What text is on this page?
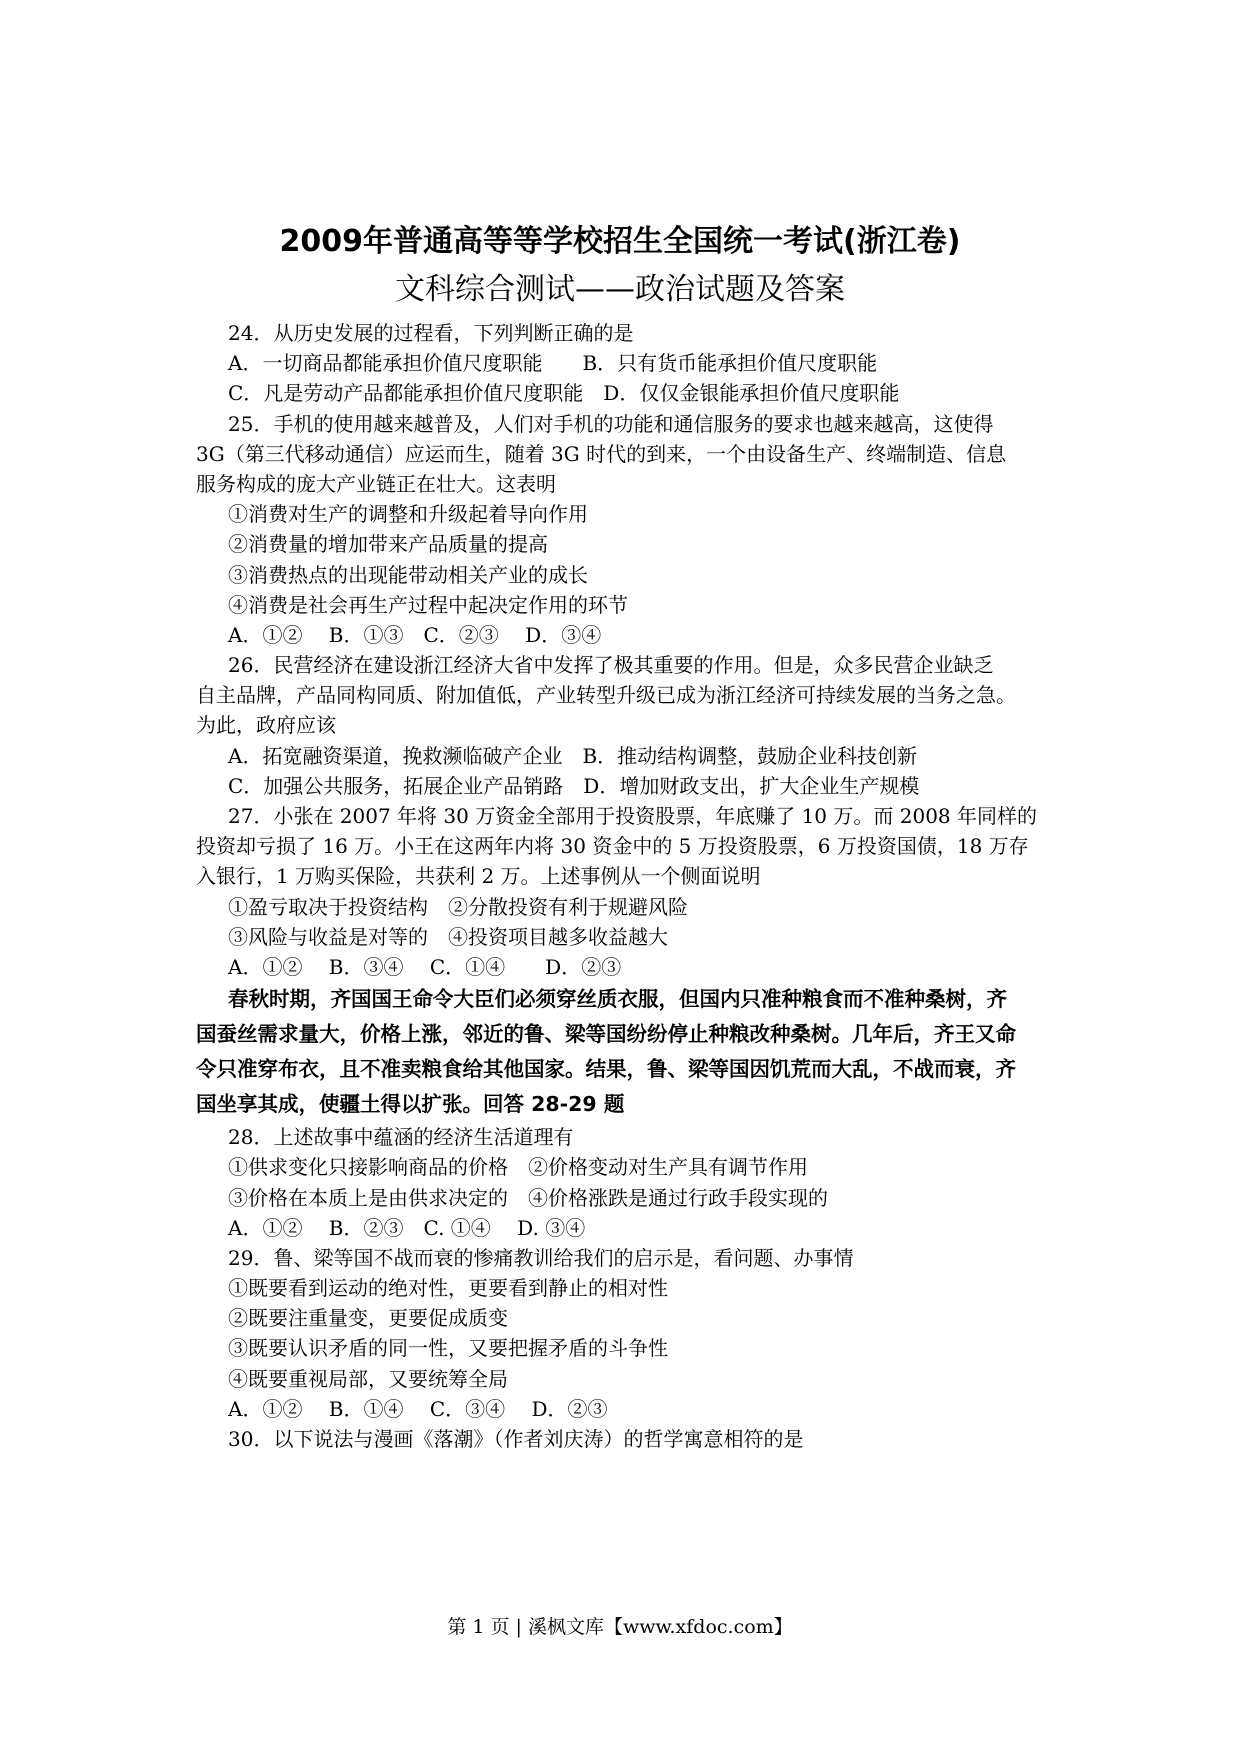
2009年普通高等等学校招生全国统一考试(浙江卷)
文科综合测试——政治试题及答案
24．从历史发展的过程看，下列判断正确的是
A．一切商品都能承担价值尺度职能　　B．只有货币能承担价值尺度职能
C．凡是劳动产品都能承担价值尺度职能　D．仅仅金银能承担价值尺度职能
25．手机的使用越来越普及，人们对手机的功能和通信服务的要求也越来越高，这使得
3G（第三代移动通信）应运而生，随着 3G 时代的到来，一个由设备生产、终端制造、信息
服务构成的庞大产业链正在壮大。这表明
①消费对生产的调整和升级起着导向作用
②消费量的增加带来产品质量的提高
③消费热点的出现能带动相关产业的成长
④消费是社会再生产过程中起决定作用的环节
A．①②　 B．①③　C．②③　 D．③④
26．民营经济在建设浙江经济大省中发挥了极其重要的作用。但是，众多民营企业缺乏
自主品牌，产品同构同质、附加值低，产业转型升级已成为浙江经济可持续发展的当务之急。
为此，政府应该
A．拓宽融资渠道，挽救濒临破产企业　B．推动结构调整，鼓励企业科技创新
C．加强公共服务，拓展企业产品销路　D．增加财政支出，扩大企业生产规模
27．小张在 2007 年将 30 万资金全部用于投资股票，年底赚了 10 万。而 2008 年同样的
投资却亏损了 16 万。小王在这两年内将 30 资金中的 5 万投资股票，6 万投资国债，18 万存
入银行，1 万购买保险，共获利 2 万。上述事例从一个侧面说明
①盈亏取决于投资结构　②分散投资有利于规避风险
③风险与收益是对等的　④投资项目越多收益越大
A．①②　 B．③④　 C．①④　　D．②③
春秋时期，齐国国王命令大臣们必须穿丝质衣服，但国内只准种粮食而不准种桑树，齐
国蚕丝需求量大，价格上涨，邻近的鲁、梁等国纷纷停止种粮改种桑树。几年后，齐王又命
令只准穿布衣，且不准卖粮食给其他国家。结果，鲁、梁等国因饥荒而大乱，不战而衰，齐
国坐享其成，使疆土得以扩张。回答 28-29 题
28．上述故事中蕴涵的经济生活道理有
①供求变化只接影响商品的价格　②价格变动对生产具有调节作用
③价格在本质上是由供求决定的　④价格涨跌是通过行政手段实现的
A．①②　 B．②③　C. ①④　 D. ③④
29．鲁、梁等国不战而衰的惨痛教训给我们的启示是，看问题、办事情
①既要看到运动的绝对性，更要看到静止的相对性
②既要注重量变，更要促成质变
③既要认识矛盾的同一性，又要把握矛盾的斗争性
④既要重视局部，又要统筹全局
A．①②　 B．①④　 C．③④　 D．②③
30．以下说法与漫画《落潮》（作者刘庆涛）的哲学寓意相符的是
第 1 页 | 溪枫文库【www.xfdoc.com】
